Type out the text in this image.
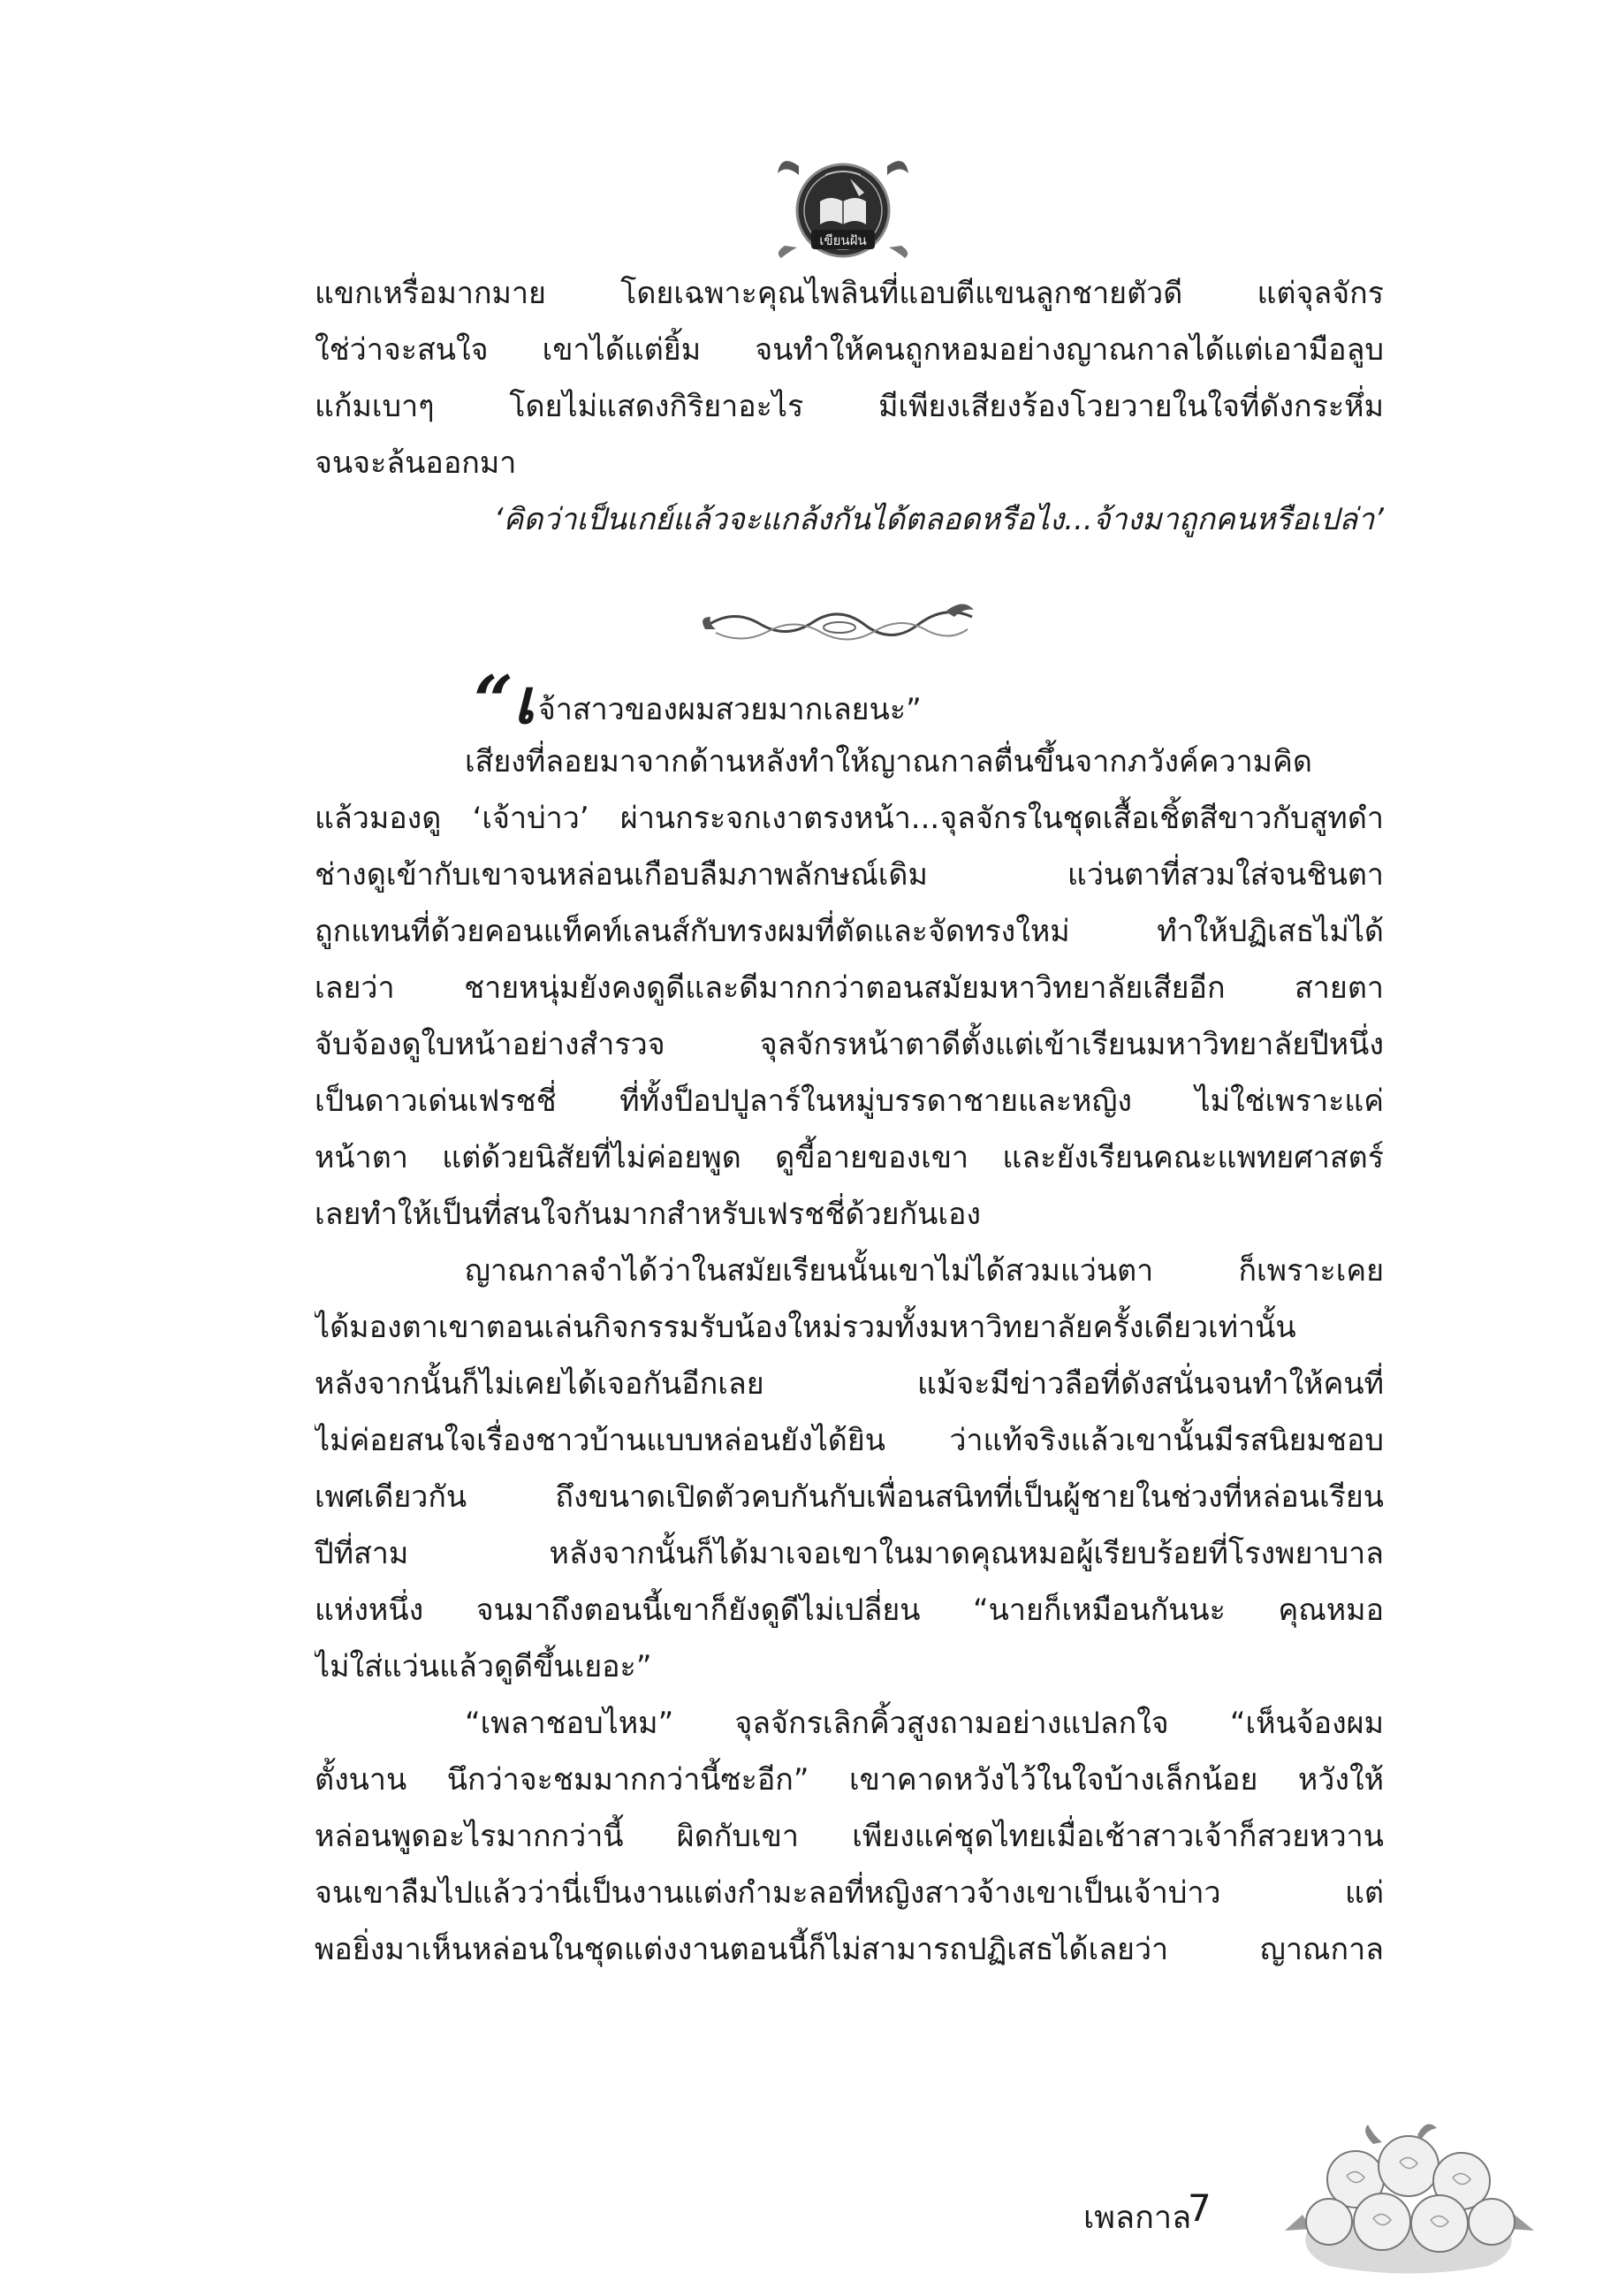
เขียนฝัน
แขกเหรื่อมากมาย โดยเฉพาะคุณไพลินที่แอบตีแขนลูกชายตัวดี แต่จุลจักร
ใช่ว่าจะสนใจ เขาได้แต่ยิ้ม จนทำให้คนถูกหอมอย่างญาณกาลได้แต่เอามือลูบ
แก้มเบาๆ โดยไม่แสดงกิริยาอะไร มีเพียงเสียงร้องโวยวายในใจที่ดังกระหึ่ม
จนจะล้นออกมา
‘คิดว่าเป็นเกย์แล้วจะแกล้งกันได้ตลอดหรือไง...จ้างมาถูกคนหรือเปล่า’
“เ จ้าสาวของผมสวยมากเลยนะ”
เสียงที่ลอยมาจากด้านหลังทำให้ญาณกาลตื่นขึ้นจากภวังค์ความคิด
แล้วมองดู ‘เจ้าบ่าว’ ผ่านกระจกเงาตรงหน้า...จุลจักรในชุดเสื้อเชิ้ตสีขาวกับสูทดำ
ช่างดูเข้ากับเขาจนหล่อนเกือบลืมภาพลักษณ์เดิม แว่นตาที่สวมใส่จนชินตา
ถูกแทนที่ด้วยคอนแท็คท์เลนส์กับทรงผมที่ตัดและจัดทรงใหม่ ทำให้ปฏิเสธไม่ได้
เลยว่า ชายหนุ่มยังคงดูดีและดีมากกว่าตอนสมัยมหาวิทยาลัยเสียอีก สายตา
จับจ้องดูใบหน้าอย่างสำรวจ จุลจักรหน้าตาดีตั้งแต่เข้าเรียนมหาวิทยาลัยปีหนึ่ง
เป็นดาวเด่นเฟรชชี่ ที่ทั้งป็อปปูลาร์ในหมู่บรรดาชายและหญิง ไม่ใช่เพราะแค่
หน้าตา แต่ด้วยนิสัยที่ไม่ค่อยพูด ดูขี้อายของเขา และยังเรียนคณะแพทยศาสตร์
เลยทำให้เป็นที่สนใจกันมากสำหรับเฟรชชี่ด้วยกันเอง
ญาณกาลจำได้ว่าในสมัยเรียนนั้นเขาไม่ได้สวมแว่นตา ก็เพราะเคย
ได้มองตาเขาตอนเล่นกิจกรรมรับน้องใหม่รวมทั้งมหาวิทยาลัยครั้งเดียวเท่านั้น
หลังจากนั้นก็ไม่เคยได้เจอกันอีกเลย แม้จะมีข่าวลือที่ดังสนั่นจนทำให้คนที่
ไม่ค่อยสนใจเรื่องชาวบ้านแบบหล่อนยังได้ยิน ว่าแท้จริงแล้วเขานั้นมีรสนิยมชอบ
เพศเดียวกัน ถึงขนาดเปิดตัวคบกันกับเพื่อนสนิทที่เป็นผู้ชายในช่วงที่หล่อนเรียน
ปีที่สาม หลังจากนั้นก็ได้มาเจอเขาในมาดคุณหมอผู้เรียบร้อยที่โรงพยาบาล
แห่งหนึ่ง จนมาถึงตอนนี้เขาก็ยังดูดีไม่เปลี่ยน “นายก็เหมือนกันนะ คุณหมอ
ไม่ใส่แว่นแล้วดูดีขึ้นเยอะ”
“เพลาชอบไหม” จุลจักรเลิกคิ้วสูงถามอย่างแปลกใจ “เห็นจ้องผม
ตั้งนาน นึกว่าจะชมมากกว่านี้ซะอีก” เขาคาดหวังไว้ในใจบ้างเล็กน้อย หวังให้
หล่อนพูดอะไรมากกว่านี้ ผิดกับเขา เพียงแค่ชุดไทยเมื่อเช้าสาวเจ้าก็สวยหวาน
จนเขาลืมไปแล้วว่านี่เป็นงานแต่งกำมะลอที่หญิงสาวจ้างเขาเป็นเจ้าบ่าว แต่
พอยิ่งมาเห็นหล่อนในชุดแต่งงานตอนนี้ก็ไม่สามารถปฏิเสธได้เลยว่า ญาณกาล
เพลกาล
7
